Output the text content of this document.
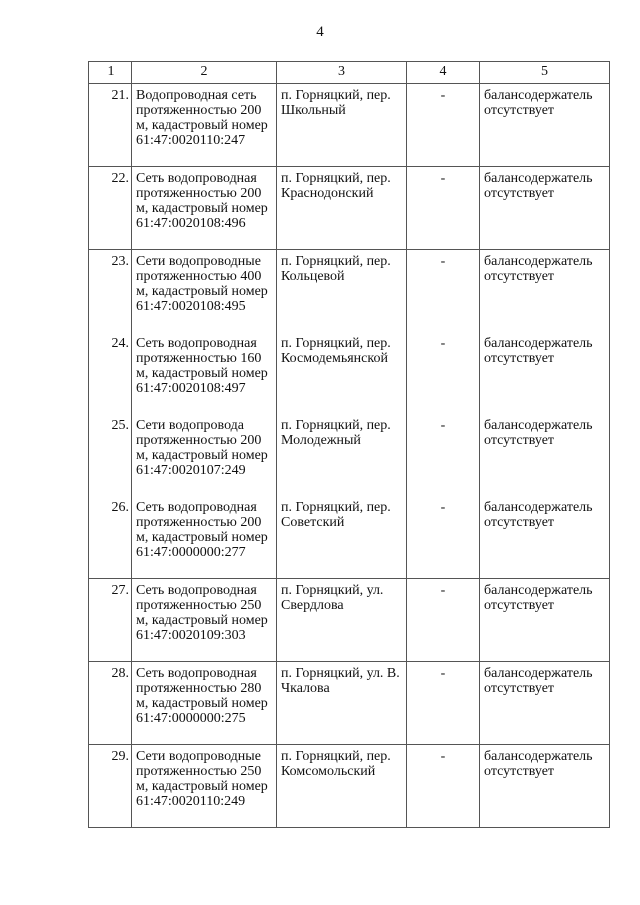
4
1	2	3	4	5
21.	Водопроводная сеть протяженностью 200 м, кадастровый номер 61:47:0020110:247	п. Горняцкий, пер. Школьный	-	балансодержатель отсутствует
22.	Сеть водопроводная протяженностью 200 м, кадастровый номер 61:47:0020108:496	п. Горняцкий, пер. Краснодонский	-	балансодержатель отсутствует
23.	Сети водопроводные протяженностью 400 м, кадастровый номер 61:47:0020108:495	п. Горняцкий, пер. Кольцевой	-	балансодержатель отсутствует
24.	Сеть водопроводная протяженностью 160 м, кадастровый номер 61:47:0020108:497	п. Горняцкий, пер. Космодемьянской	-	балансодержатель отсутствует
25.	Сети водопровода протяженностью 200 м, кадастровый номер 61:47:0020107:249	п. Горняцкий, пер. Молодежный	-	балансодержатель отсутствует
26.	Сеть водопроводная протяженностью 200 м, кадастровый номер 61:47:0000000:277	п. Горняцкий, пер. Советский	-	балансодержатель отсутствует
27.	Сеть водопроводная протяженностью 250 м, кадастровый номер 61:47:0020109:303	п. Горняцкий, ул. Свердлова	-	балансодержатель отсутствует
28.	Сеть водопроводная протяженностью 280 м, кадастровый номер 61:47:0000000:275	п. Горняцкий, ул. В. Чкалова	-	балансодержатель отсутствует
29.	Сети водопроводные протяженностью 250 м, кадастровый номер 61:47:0020110:249	п. Горняцкий, пер. Комсомольский	-	балансодержатель отсутствует
